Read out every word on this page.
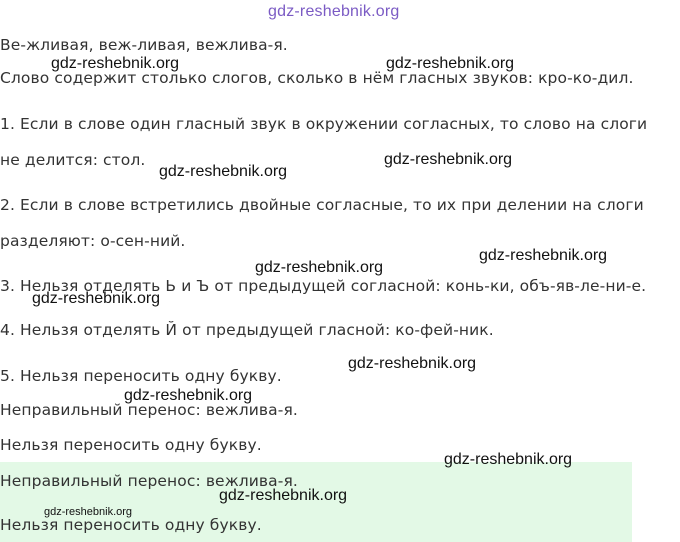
gdz-reshebnik.org
Ве-жливая, веж-ливая, вежлива-я.
Слово содержит столько слогов, сколько в нём гласных звуков: кро-ко-дил.
1. Если в слове один гласный звук в окружении согласных, то слово на слоги
не делится: стол.
2. Если в слове встретились двойные согласные, то их при делении на слоги
разделяют: о-сен-ний.
3. Нельзя отделять Ь и Ъ от предыдущей согласной: конь-ки, объ-яв-ле-ни-е.
4. Нельзя отделять Й от предыдущей гласной: ко-фей-ник.
5. Нельзя переносить одну букву.
Неправильный перенос: вежлива-я.
Нельзя переносить одну букву.
Неправильный перенос: вежлива-я.
Нельзя переносить одну букву.
gdz-reshebnik.org	gdz-reshebnik.org
gdz-reshebnik.org
gdz-reshebnik.org
gdz-reshebnik.org
gdz-reshebnik.org
gdz-reshebnik.org
gdz-reshebnik.org
gdz-reshebnik.org
gdz-reshebnik.org
gdz-reshebnik.org
gdz-reshebnik.org
